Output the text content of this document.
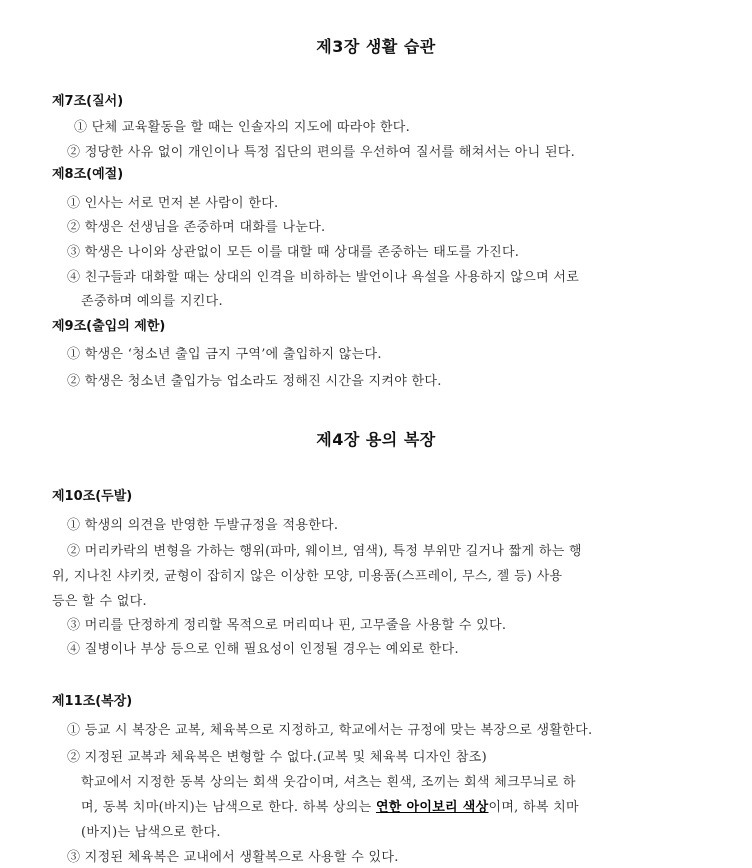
제3장 생활 습관
제7조(질서)
① 단체 교육활동을 할 때는 인솔자의 지도에 따라야 한다.
② 정당한 사유 없이 개인이나 특정 집단의 편의를 우선하여 질서를 해쳐서는 아니 된다.
제8조(예절)
① 인사는 서로 먼저 본 사람이 한다.
② 학생은 선생님을 존중하며 대화를 나눈다.
③ 학생은 나이와 상관없이 모든 이를 대할 때 상대를 존중하는 태도를 가진다.
④ 친구들과 대화할 때는 상대의 인격을 비하하는 발언이나 욕설을 사용하지 않으며 서로
존중하며 예의를 지킨다.
제9조(출입의 제한)
① 학생은 ‘청소년 출입 금지 구역’에 출입하지 않는다.
② 학생은 청소년 출입가능 업소라도 정해진 시간을 지켜야 한다.
제4장 용의 복장
제10조(두발)
① 학생의 의견을 반영한 두발규정을 적용한다.
② 머리카락의 변형을 가하는 행위(파마, 웨이브, 염색), 특정 부위만 길거나 짧게 하는 행
위, 지나친 샤키컷, 균형이 잡히지 않은 이상한 모양, 미용품(스프레이, 무스, 젤 등) 사용
등은 할 수 없다.
③ 머리를 단정하게 정리할 목적으로 머리띠나 핀, 고무줄을 사용할 수 있다.
④ 질병이나 부상 등으로 인해 필요성이 인정될 경우는 예외로 한다.
제11조(복장)
① 등교 시 복장은 교복, 체육복으로 지정하고, 학교에서는 규정에 맞는 복장으로 생활한다.
② 지정된 교복과 체육복은 변형할 수 없다.(교복 및 체육복 디자인 참조)
학교에서 지정한 동복 상의는 회색 웃감이며, 셔츠는 흰색, 조끼는 회색 체크무늬로 하
며, 동복 치마(바지)는 남색으로 한다. 하복 상의는 연한 아이보리 색상이며, 하복 치마
(바지)는 남색으로 한다.
③ 지정된 체육복은 교내에서 생활복으로 사용할 수 있다.
